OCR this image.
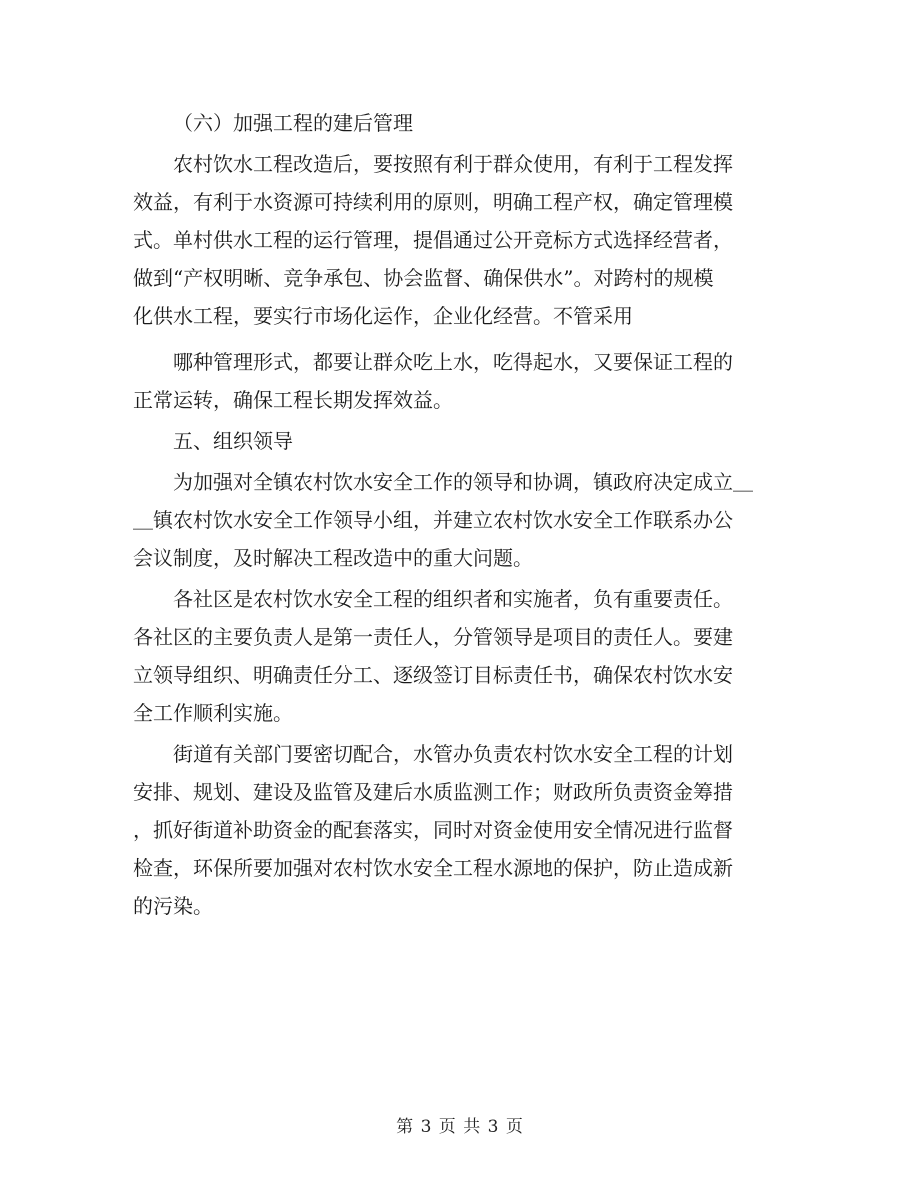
（六）加强工程的建后管理
农村饮水工程改造后，要按照有利于群众使用，有利于工程发挥
效益，有利于水资源可持续利用的原则，明确工程产权，确定管理模
式。单村供水工程的运行管理，提倡通过公开竞标方式选择经营者，
做到“产权明晰、竞争承包、协会监督、确保供水”。对跨村的规模
化供水工程，要实行市场化运作，企业化经营。不管采用
哪种管理形式，都要让群众吃上水，吃得起水，又要保证工程的
正常运转，确保工程长期发挥效益。
五、组织领导
为加强对全镇农村饮水安全工作的领导和协调，镇政府决定成立＿
＿镇农村饮水安全工作领导小组，并建立农村饮水安全工作联系办公
会议制度，及时解决工程改造中的重大问题。
各社区是农村饮水安全工程的组织者和实施者，负有重要责任。
各社区的主要负责人是第一责任人，分管领导是项目的责任人。要建
立领导组织、明确责任分工、逐级签订目标责任书，确保农村饮水安
全工作顺利实施。
街道有关部门要密切配合，水管办负责农村饮水安全工程的计划
安排、规划、建设及监管及建后水质监测工作；财政所负责资金筹措
，抓好街道补助资金的配套落实，同时对资金使用安全情况进行监督
检查，环保所要加强对农村饮水安全工程水源地的保护，防止造成新
的污染。
第 3 页 共 3 页
